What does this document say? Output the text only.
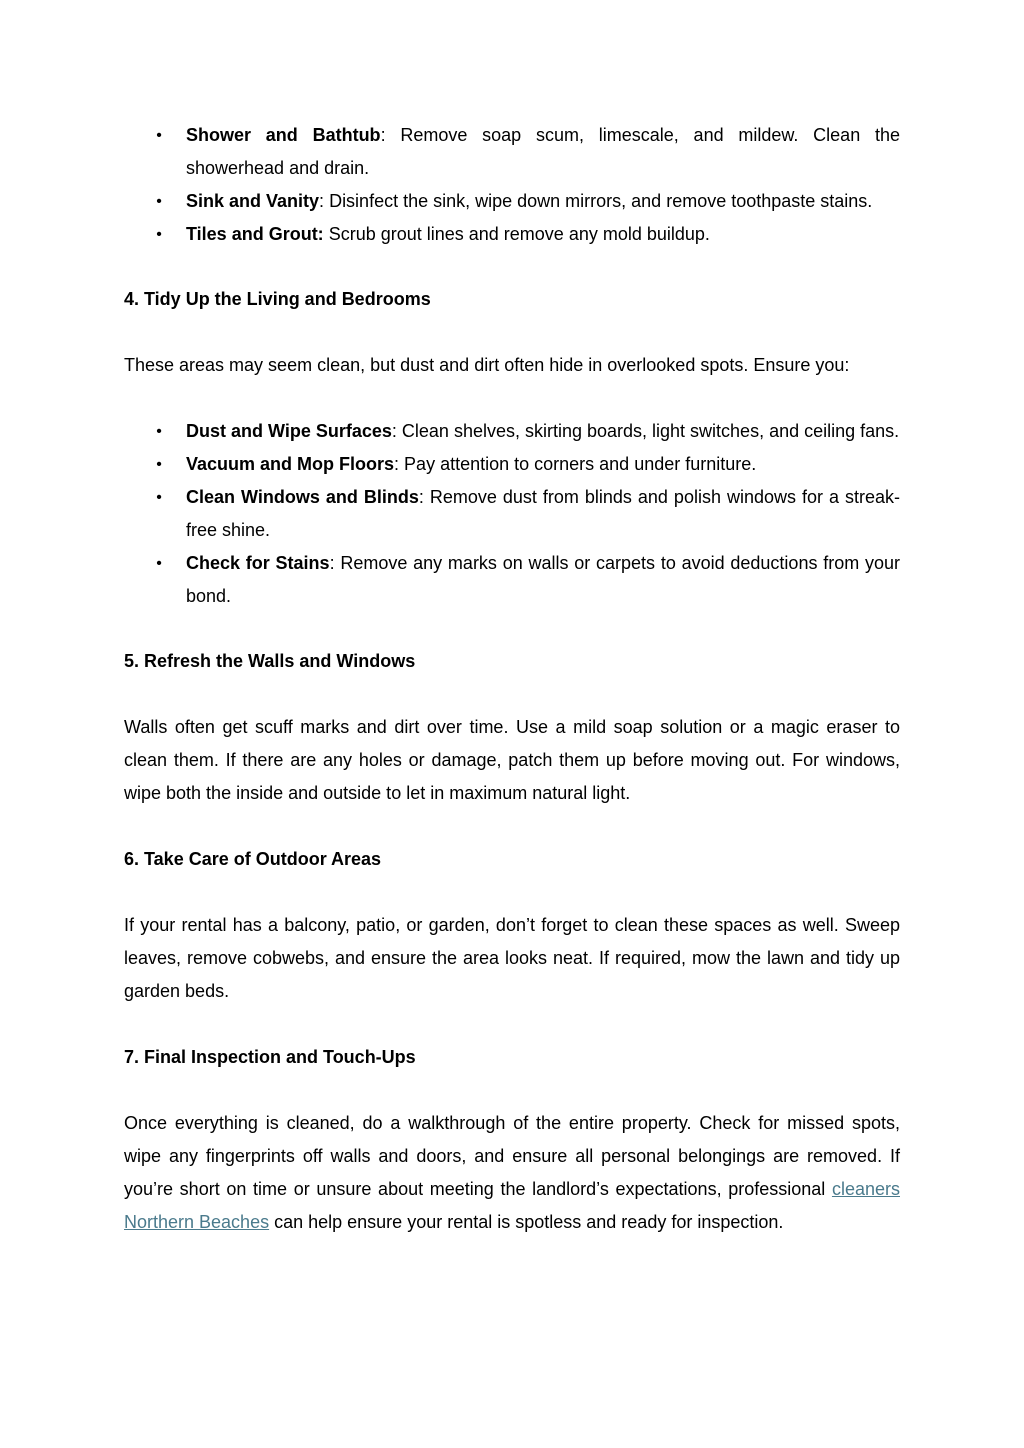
• Shower and Bathtub: Remove soap scum, limescale, and mildew. Clean the showerhead and drain.
• Sink and Vanity: Disinfect the sink, wipe down mirrors, and remove toothpaste stains.
• Tiles and Grout: Scrub grout lines and remove any mold buildup.
4. Tidy Up the Living and Bedrooms

These areas may seem clean, but dust and dirt often hide in overlooked spots. Ensure you:

• Dust and Wipe Surfaces: Clean shelves, skirting boards, light switches, and ceiling fans.
• Vacuum and Mop Floors: Pay attention to corners and under furniture.
• Clean Windows and Blinds: Remove dust from blinds and polish windows for a streak-free shine.
• Check for Stains: Remove any marks on walls or carpets to avoid deductions from your bond.
5. Refresh the Walls and Windows

Walls often get scuff marks and dirt over time. Use a mild soap solution or a magic eraser to clean them. If there are any holes or damage, patch them up before moving out. For windows, wipe both the inside and outside to let in maximum natural light.

6. Take Care of Outdoor Areas

If your rental has a balcony, patio, or garden, don’t forget to clean these spaces as well. Sweep leaves, remove cobwebs, and ensure the area looks neat. If required, mow the lawn and tidy up garden beds.

7. Final Inspection and Touch-Ups

Once everything is cleaned, do a walkthrough of the entire property. Check for missed spots, wipe any fingerprints off walls and doors, and ensure all personal belongings are removed. If you’re short on time or unsure about meeting the landlord’s expectations, professional cleaners Northern Beaches can help ensure your rental is spotless and ready for inspection.
